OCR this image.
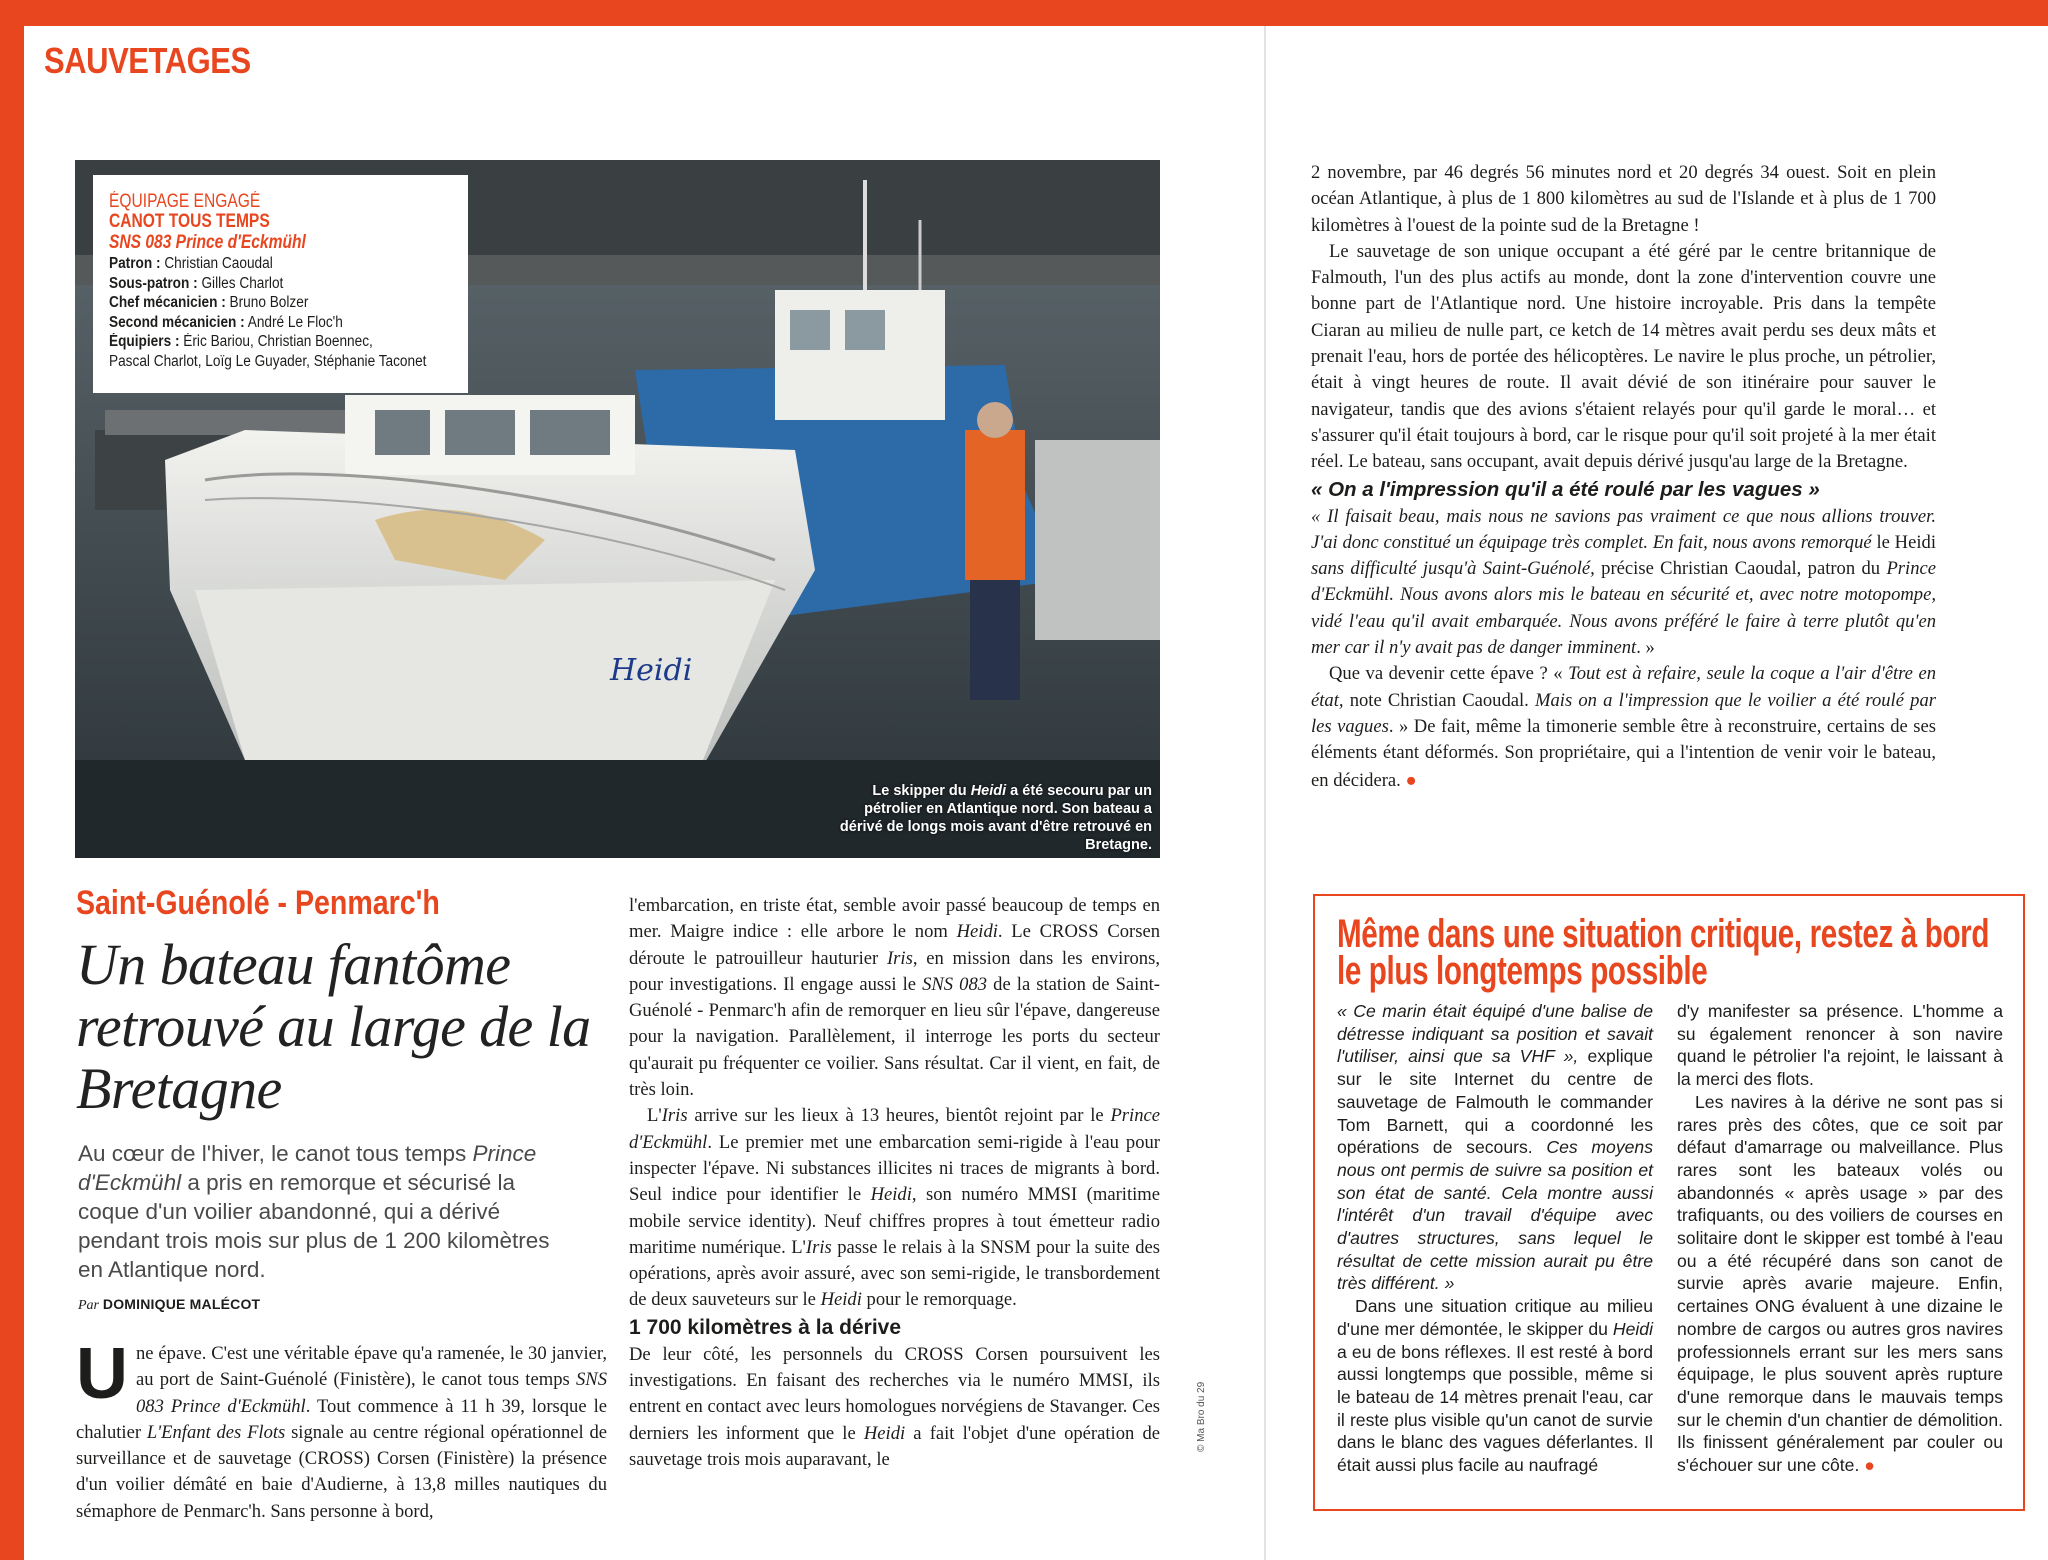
SAUVETAGES
Heidi
ÉQUIPAGE ENGAGÉ
CANOT TOUS TEMPS
SNS 083 Prince d'Eckmühl
Patron : Christian Caoudal
Sous-patron : Gilles Charlot
Chef mécanicien : Bruno Bolzer
Second mécanicien : André Le Floc'h
Équipiers : Éric Bariou, Christian Boennec,
Pascal Charlot, Loïg Le Guyader, Stéphanie Taconet
Le skipper du Heidi a été secouru par un pétrolier en Atlantique nord. Son bateau a dérivé de longs mois avant d'être retrouvé en Bretagne.
Saint-Guénolé - Penmarc'h
Un bateau fantôme retrouvé au large de la Bretagne
Au cœur de l'hiver, le canot tous temps Prince d'Eckmühl a pris en remorque et sécurisé la coque d'un voilier abandonné, qui a dérivé pendant trois mois sur plus de 1 200 kilomètres en Atlantique nord.
Par DOMINIQUE MALÉCOT

Une épave. C'est une véritable épave qu'a ramenée, le 30 janvier, au port de Saint-Guénolé (Finistère), le canot tous temps SNS 083 Prince d'Eckmühl. Tout commence à 11 h 39, lorsque le chalutier L'Enfant des Flots signale au centre régional opérationnel de surveillance et de sauvetage (CROSS) Corsen (Finistère) la présence d'un voilier démâté en baie d'Audierne, à 13,8 milles nautiques du sémaphore de Penmarc'h. Sans personne à bord,

l'embarcation, en triste état, semble avoir passé beaucoup de temps en mer. Maigre indice : elle arbore le nom Heidi. Le CROSS Corsen déroute le patrouilleur hauturier Iris, en mission dans les environs, pour investigations. Il engage aussi le SNS 083 de la station de Saint-Guénolé - Penmarc'h afin de remorquer en lieu sûr l'épave, dangereuse pour la navigation. Parallèlement, il interroge les ports du secteur qu'aurait pu fréquenter ce voilier. Sans résultat. Car il vient, en fait, de très loin.

L'Iris arrive sur les lieux à 13 heures, bientôt rejoint par le Prince d'Eckmühl. Le premier met une embarcation semi-rigide à l'eau pour inspecter l'épave. Ni substances illicites ni traces de migrants à bord. Seul indice pour identifier le Heidi, son numéro MMSI (maritime mobile service identity). Neuf chiffres propres à tout émetteur radio maritime numérique. L'Iris passe le relais à la SNSM pour la suite des opérations, après avoir assuré, avec son semi-rigide, le transbordement de deux sauveteurs sur le Heidi pour le remorquage.

1 700 kilomètres à la dérive

De leur côté, les personnels du CROSS Corsen poursuivent les investigations. En faisant des recherches via le numéro MMSI, ils entrent en contact avec leurs homologues norvégiens de Stavanger. Ces derniers les informent que le Heidi a fait l'objet d'une opération de sauvetage trois mois auparavant, le

© Ma Bro du 29

2 novembre, par 46 degrés 56 minutes nord et 20 degrés 34 ouest. Soit en plein océan Atlantique, à plus de 1 800 kilomètres au sud de l'Islande et à plus de 1 700 kilomètres à l'ouest de la pointe sud de la Bretagne !

Le sauvetage de son unique occupant a été géré par le centre britannique de Falmouth, l'un des plus actifs au monde, dont la zone d'intervention couvre une bonne part de l'Atlantique nord. Une histoire incroyable. Pris dans la tempête Ciaran au milieu de nulle part, ce ketch de 14 mètres avait perdu ses deux mâts et prenait l'eau, hors de portée des hélicoptères. Le navire le plus proche, un pétrolier, était à vingt heures de route. Il avait dévié de son itinéraire pour sauver le navigateur, tandis que des avions s'étaient relayés pour qu'il garde le moral… et s'assurer qu'il était toujours à bord, car le risque pour qu'il soit projeté à la mer était réel. Le bateau, sans occupant, avait depuis dérivé jusqu'au large de la Bretagne.

« On a l'impression qu'il a été roulé par les vagues »

« Il faisait beau, mais nous ne savions pas vraiment ce que nous allions trouver. J'ai donc constitué un équipage très complet. En fait, nous avons remorqué le Heidi sans difficulté jusqu'à Saint-Guénolé, précise Christian Caoudal, patron du Prince d'Eckmühl. Nous avons alors mis le bateau en sécurité et, avec notre motopompe, vidé l'eau qu'il avait embarquée. Nous avons préféré le faire à terre plutôt qu'en mer car il n'y avait pas de danger imminent. »

Que va devenir cette épave ? « Tout est à refaire, seule la coque a l'air d'être en état, note Christian Caoudal. Mais on a l'impression que le voilier a été roulé par les vagues. » De fait, même la timonerie semble être à reconstruire, certains de ses éléments étant déformés. Son propriétaire, qui a l'intention de venir voir le bateau, en décidera. ●

Même dans une situation critique, restez à bord le plus longtemps possible

« Ce marin était équipé d'une balise de détresse indiquant sa position et savait l'utiliser, ainsi que sa VHF », explique sur le site Internet du centre de sauvetage de Falmouth le commander Tom Barnett, qui a coordonné les opérations de secours. Ces moyens nous ont permis de suivre sa position et son état de santé. Cela montre aussi l'intérêt d'un travail d'équipe avec d'autres structures, sans lequel le résultat de cette mission aurait pu être très différent. »

Dans une situation critique au milieu d'une mer démontée, le skipper du Heidi a eu de bons réflexes. Il est resté à bord aussi longtemps que possible, même si le bateau de 14 mètres prenait l'eau, car il reste plus visible qu'un canot de survie dans le blanc des vagues déferlantes. Il était aussi plus facile au naufragé

d'y manifester sa présence. L'homme a su également renoncer à son navire quand le pétrolier l'a rejoint, le laissant à la merci des flots.

Les navires à la dérive ne sont pas si rares près des côtes, que ce soit par défaut d'amarrage ou malveillance. Plus rares sont les bateaux volés ou abandonnés « après usage » par des trafiquants, ou des voiliers de courses en solitaire dont le skipper est tombé à l'eau ou a été récupéré dans son canot de survie après avarie majeure. Enfin, certaines ONG évaluent à une dizaine le nombre de cargos ou autres gros navires professionnels errant sur les mers sans équipage, le plus souvent après rupture d'une remorque dans le mauvais temps sur le chemin d'un chantier de démolition. Ils finissent généralement par couler ou s'échouer sur une côte. ●
